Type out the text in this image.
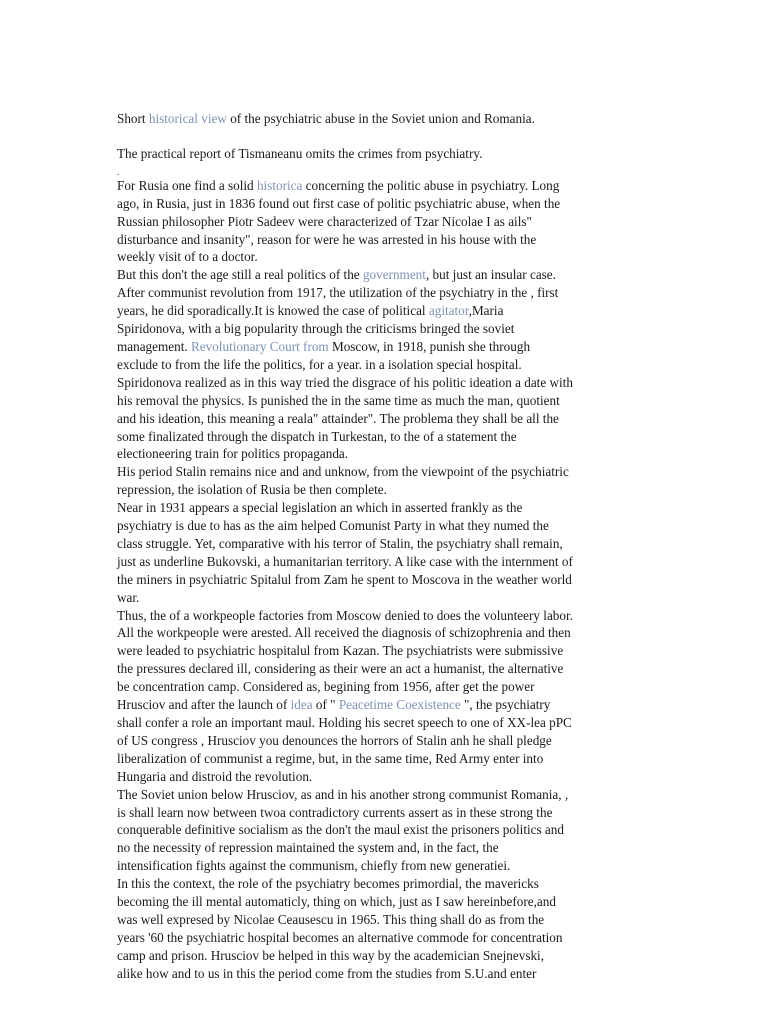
Short historical view of the psychiatric abuse in the Soviet union and Romania.

The practical report of Tismaneanu omits the crimes from psychiatry.

.

For Rusia one find a solid historica concerning the politic abuse in psychiatry. Long

ago, in Rusia, just in 1836 found out first case of politic psychiatric abuse, when the

Russian philosopher Piotr Sadeev were characterized of Tzar Nicolae I as ails"

disturbance and insanity", reason for were he was arrested in his house with the

weekly visit of to a doctor.

But this don't the age still a real politics of the government, but just an insular case.

After communist revolution from 1917, the utilization of the psychiatry in the , first

years, he did sporadically.It is knowed the case of political agitator,Maria

Spiridonova, with a big popularity through the criticisms bringed the soviet

management. Revolutionary Court from Moscow, in 1918, punish she through

exclude to from the life the politics, for a year. in a isolation special hospital.

Spiridonova realized as in this way tried the disgrace of his politic ideation a date with

his removal the physics. Is punished the in the same time as much the man, quotient

and his ideation, this meaning a reala" attainder". The problema they shall be all the

some finalizated through the dispatch in Turkestan, to the of a statement the

electioneering train for politics propaganda.

His period Stalin remains nice and and unknow, from the viewpoint of the psychiatric

repression, the isolation of Rusia be then complete.

Near in 1931 appears a special legislation an which in asserted frankly as the

psychiatry is due to has as the aim helped Comunist Party in what they numed the

class struggle. Yet, comparative with his terror of Stalin, the psychiatry shall remain,

just as underline Bukovski, a humanitarian territory. A like case with the internment of

the miners in psychiatric Spitalul from Zam he spent to Moscova in the weather world

war.

Thus, the of a workpeople factories from Moscow denied to does the volunteery labor.

All the workpeople were arested. All received the diagnosis of schizophrenia and then

were leaded to psychiatric hospitalul from Kazan. The psychiatrists were submissive

the pressures declared ill, considering as their were an act a humanist, the alternative

be concentration camp. Considered as, begining from 1956, after get the power

Hrusciov and after the launch of idea of " Peacetime Coexistence ", the psychiatry

shall confer a role an important maul. Holding his secret speech to one of XX-lea pPC

of US congress , Hrusciov you denounces the horrors of Stalin anh he shall pledge

liberalization of communist a regime, but, in the same time, Red Army enter into

Hungaria and distroid the revolution.

The Soviet union below Hrusciov, as and in his another strong communist Romania, ,

is shall learn now between twoa contradictory currents assert as in these strong the

conquerable definitive socialism as the don't the maul exist the prisoners politics and

no the necessity of repression maintained the system and, in the fact, the

intensification fights against the communism, chiefly from new generatiei.

In this the context, the role of the psychiatry becomes primordial, the mavericks

becoming the ill mental automaticly, thing on which, just as I saw hereinbefore,and

was well expresed by Nicolae Ceausescu in 1965. This thing shall do as from the

years '60 the psychiatric hospital becomes an alternative commode for concentration

camp and prison. Hrusciov be helped in this way by the academician Snejnevski,

alike how and to us in this the period come from the studies from S.U.and enter
